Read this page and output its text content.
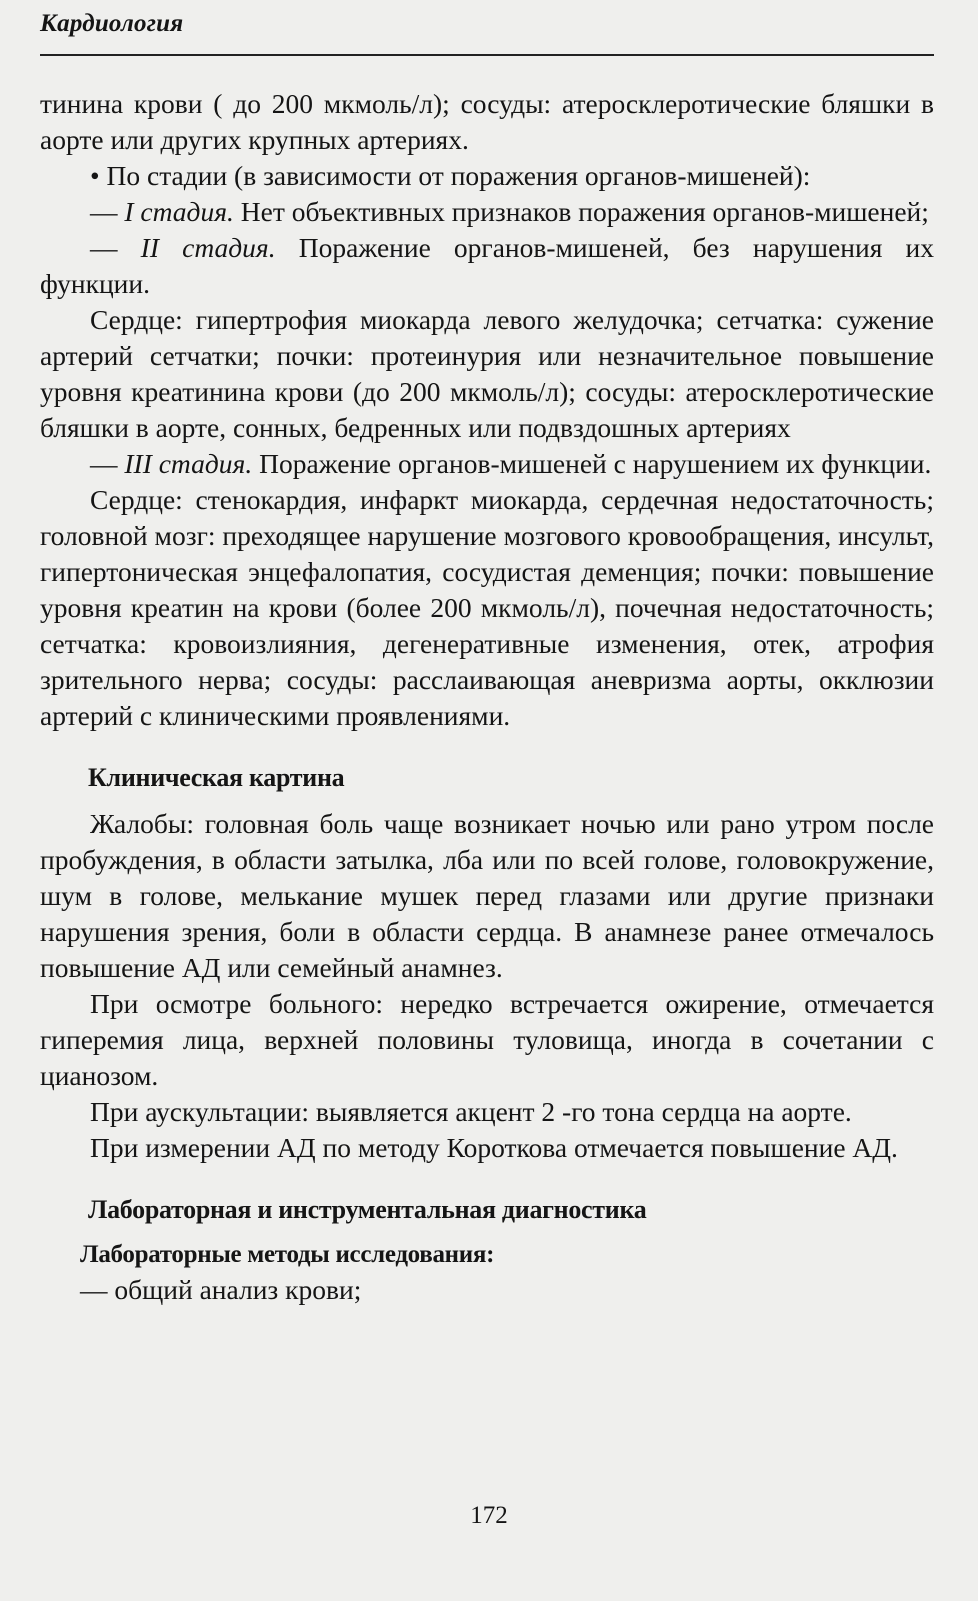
Кардиология

тинина крови ( до 200 мкмоль/л); сосуды: атеросклеротические бляшки в аорте или других крупных артериях.

• По стадии (в зависимости от поражения органов-мишеней):

— I стадия. Нет объективных признаков поражения органов-мишеней;

— II стадия. Поражение органов-мишеней, без нарушения их функции.

Сердце: гипертрофия миокарда левого желудочка; сетчатка: сужение артерий сетчатки; почки: протеинурия или незначительное повышение уровня креатинина крови (до 200 мкмоль/л); сосуды: атеросклеротические бляшки в аорте, сонных, бедренных или подвздошных артериях

— III стадия. Поражение органов-мишеней с нарушением их функции.

Сердце: стенокардия, инфаркт миокарда, сердечная недостаточность; головной мозг: преходящее нарушение мозгового кровообращения, инсульт, гипертоническая энцефалопатия, сосудистая деменция; почки: повышение уровня креатин на крови (более 200 мкмоль/л), почечная недостаточность; сетчатка: кровоизлияния, дегенеративные изменения, отек, атрофия зрительного нерва; сосуды: расслаивающая аневризма аорты, окклюзии артерий с клиническими проявлениями.

Клиническая картина

Жалобы: головная боль чаще возникает ночью или рано утром после пробуждения, в области затылка, лба или по всей голове, головокружение, шум в голове, мелькание мушек перед глазами или другие признаки нарушения зрения, боли в области сердца. В анамнезе ранее отмечалось повышение АД или семейный анамнез.

При осмотре больного: нередко встречается ожирение, отмечается гиперемия лица, верхней половины туловища, иногда в сочетании с цианозом.

При аускультации: выявляется акцент 2 -го тона сердца на аорте.

При измерении АД по методу Короткова отмечается повышение АД.

Лабораторная и инструментальная диагностика
Лабораторные методы исследования:
— общий анализ крови;
172
